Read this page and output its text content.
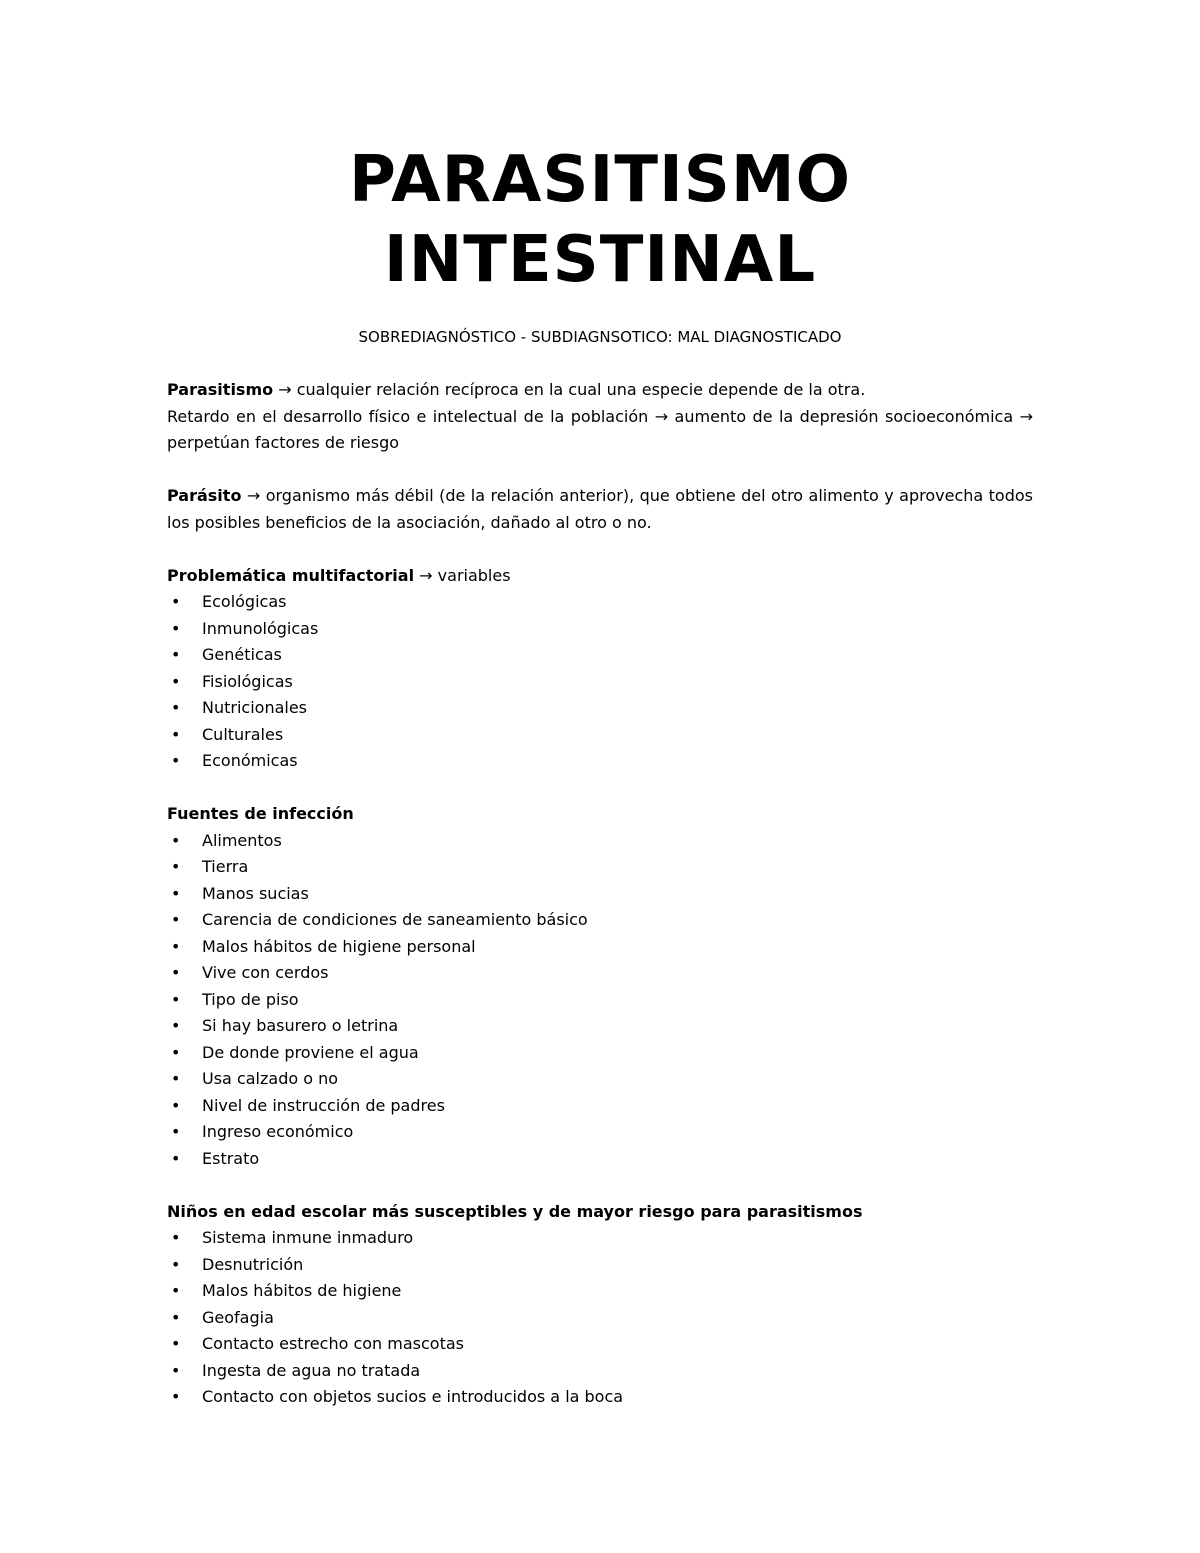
PARASITISMO
INTESTINAL
SOBREDIAGNÓSTICO - SUBDIAGNSOTICO: MAL DIAGNOSTICADO

Parasitismo → cualquier relación recíproca en la cual una especie depende de la otra.

Retardo en el desarrollo físico e intelectual de la población → aumento de la depresión socioeconómica → perpetúan factores de riesgo

Parásito → organismo más débil (de la relación anterior), que obtiene del otro alimento y aprovecha todos los posibles beneficios de la asociación, dañado al otro o no.

Problemática multifactorial → variables

• Ecológicas
• Inmunológicas
• Genéticas
• Fisiológicas
• Nutricionales
• Culturales
• Económicas

Fuentes de infección

• Alimentos
• Tierra
• Manos sucias
• Carencia de condiciones de saneamiento básico
• Malos hábitos de higiene personal
• Vive con cerdos
• Tipo de piso
• Si hay basurero o letrina
• De donde proviene el agua
• Usa calzado o no
• Nivel de instrucción de padres
• Ingreso económico
• Estrato

Niños en edad escolar más susceptibles y de mayor riesgo para parasitismos

• Sistema inmune inmaduro
• Desnutrición
• Malos hábitos de higiene
• Geofagia
• Contacto estrecho con mascotas
• Ingesta de agua no tratada
• Contacto con objetos sucios e introducidos a la boca
